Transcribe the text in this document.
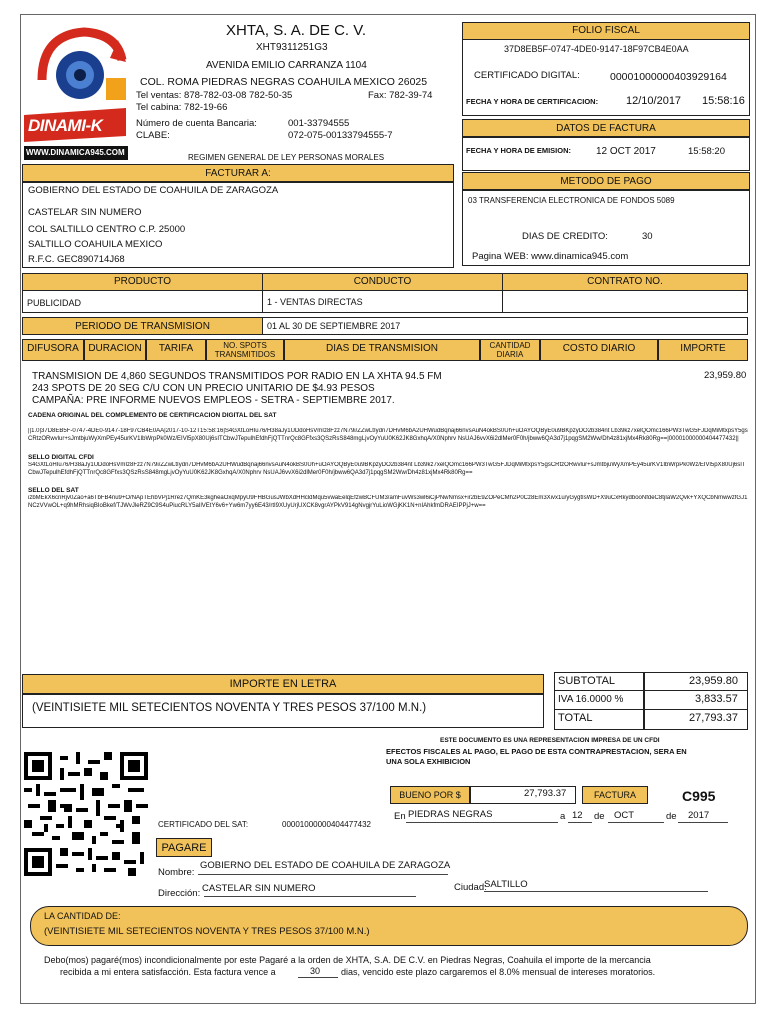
DINAMI-K
WWW.DINAMICA945.COM
XHTA, S. A. DE C. V.
XHT9311251G3
AVENIDA EMILIO CARRANZA 1104
COL. ROMA PIEDRAS NEGRAS COAHUILA MEXICO 26025
Tel ventas: 878-782-03-08 782-50-35	Fax: 782-39-74
Tel cabina: 782-19-66
Número de cuenta Bancaria:	001-33794555
CLABE:	072-075-00133794555-7
REGIMEN GENERAL DE LEY PERSONAS MORALES
FOLIO FISCAL
37D8EB5F-0747-4DE0-9147-18F97CB4E0AA
CERTIFICADO DIGITAL:	00001000000403929164
FECHA Y HORA DE CERTIFICACION:	12/10/2017 15:58:16
DATOS DE FACTURA
FECHA Y HORA DE EMISION: 12 OCT 2017	15:58:20
METODO DE PAGO
03 TRANSFERENCIA ELECTRONICA DE FONDOS 5089
DIAS DE CREDITO:	30
Pagina WEB: www.dinamica945.com
FACTURAR A:
GOBIERNO DEL ESTADO DE COAHUILA DE ZARAGOZA
CASTELAR SIN NUMERO
COL SALTILLO CENTRO C.P. 25000
SALTILLO COAHUILA MEXICO
R.F.C. GEC890714J68
PRODUCTO	CONDUCTO	CONTRATO NO.
PUBLICIDAD	1 - VENTAS DIRECTAS
PERIODO DE TRANSMISION	01 AL 30 DE SEPTIEMBRE 2017
DIFUSORA DURACION	TARIFA	NO. SPOTS
TRANSMITIDOS
DIAS DE TRANSMISION	CANTIDAD
DIARIA
COSTO DIARIO	IMPORTE
TRANSMISION DE 4,860 SEGUNDOS TRANSMITIDOS POR RADIO EN LA XHTA 94.5 FM
243 SPOTS DE 20 SEG C/U CON UN PRECIO UNITARIO DE $4.93 PESOS
CAMPAÑA: PRE INFORME NUEVOS EMPLEOS - SETRA - SEPTIEMBRE 2017.
23,959.80
CADENA ORIGINAL DEL COMPLEMENTO DE CERTIFICACION DIGITAL DEL SAT
||1.0|37D8EB5F-0747-4DE0-9147-18F97CB4E0AA|2017-10-12T15:58:16|S4GXtLoHIu76/H38aJy1UDdoHsVmIz8Fzz7N79i/ZZwLtIydn7DHvM6bA2UHWudBqnaj66nvsAuN4okBS0Uh+uOAYOQByE0u9BKpzyDO2b384nt Lb39kz7xelQOmc166PW3TwG5FJDqMiMtxpsY5gsCRtzORwvlur+sJmtbjuWyXmPEy45urKV1IbWrpPk0Wz/EIVl5pX80Uj6sITCbwJTepulhEfdhFjQTTnrQc8GFfxs3QSzRsS848mgLjvOyYuU0K62JK8GxhqA/X0Nphrv NsUAJ6vvX6i2dlMer0F0h/jbww6QA3d7j1pqgSM2Ww/Dh4z81xjMx4Rk80Rg==|00001000000404477432||
SELLO DIGITAL CFDI
S4GXtLoHIu76/H38aJy1UDdoHsVmIz8Fzz7N79i/ZZwLtIydn7DHvM6bA2UHWudBqnaj66nvsAuN4okBS0Uh+uOAYOQByE0u9BKpzyDO2b384nt Lb39kz7xelQOmc166PW3TwG5FJDqMiMtxpsY5gsCRtzORwvlur+sJmtbjuWyXmPEy45urKV1IbWrpPk0Wz/EIVl5pX80Uj6sITCbwJTepulhEfdhFjQTTnrQc8GFfxs3QSzRsS848mgLjvOyYuU0K62JK8GxhqA/X0Nphrv NsUAJ6vvX6i2dlMer0F0h/jbww6QA3d7j1pqgSM2Ww/Dh4z81xjMx4Rk80Rg==
SELLO DEL SAT
izbMEkX6cnRjv0Zao+a6TbFB4nu9+O/NApTEhbVPj1Rrez7QmKE3kgheaOxqMpyU9FHBGusJWbXdHHcldMqu5vwaEelqEfzwBCFUM3/amFuvWs3wl6iCjPNwNmsx+ir2bE9ZOPeCMh2P0Cz8Em3Xivx1u/yGygtIsWD+X9uCxRkydbooNfdeC8tjIaW2Qvk+YXQCbNmwwzfGJ1NCzVVwOL+q9hMRhsiqBIoBkef/TJWvJleRZ9C9S4uPiucRLY5aIlVEtY6v6+Yw6m7yy6E43/rtI9XUyUrjUXCK8vgrAYPkV914gNvgjrYuLioWGjKK1N+nIAhkfmDRAEIPPjJ+w==
IMPORTE EN LETRA
(VEINTISIETE MIL SETECIENTOS NOVENTA Y TRES PESOS 37/100 M.N.)
SUBTOTAL	23,959.80
IVA 16.0000 %	3,833.57
TOTAL	27,793.37
ESTE DOCUMENTO ES UNA REPRESENTACION IMPRESA DE UN CFDI
EFECTOS FISCALES AL PAGO, EL PAGO DE ESTA CONTRAPRESTACION, SERA EN
UNA SOLA EXHIBICION
BUENO POR $	27,793.37	FACTURA	C995
CERTIFICADO DEL SAT:	00001000000404477432
En PIEDRAS NEGRAS	a 12 de OCT	de 2017
PAGARE
Nombre:
GOBIERNO DEL ESTADO DE COAHUILA DE ZARAGOZA
Dirección: CASTELAR SIN NUMERO	Ciudad:
SALTILLO
LA CANTIDAD DE:
(VEINTISIETE MIL SETECIENTOS NOVENTA Y TRES PESOS 37/100 M.N.)
Debo(mos) pagaré(mos) incondicionalmente por este Pagaré a la orden de XHTA, S.A. DE C.V. en Piedras Negras, Coahuila el importe de la mercancia
recibida a mi entera satisfacción. Esta factura vence a	30 dias, vencido este plazo cargaremos el 8.0% mensual de intereses moratorios.
